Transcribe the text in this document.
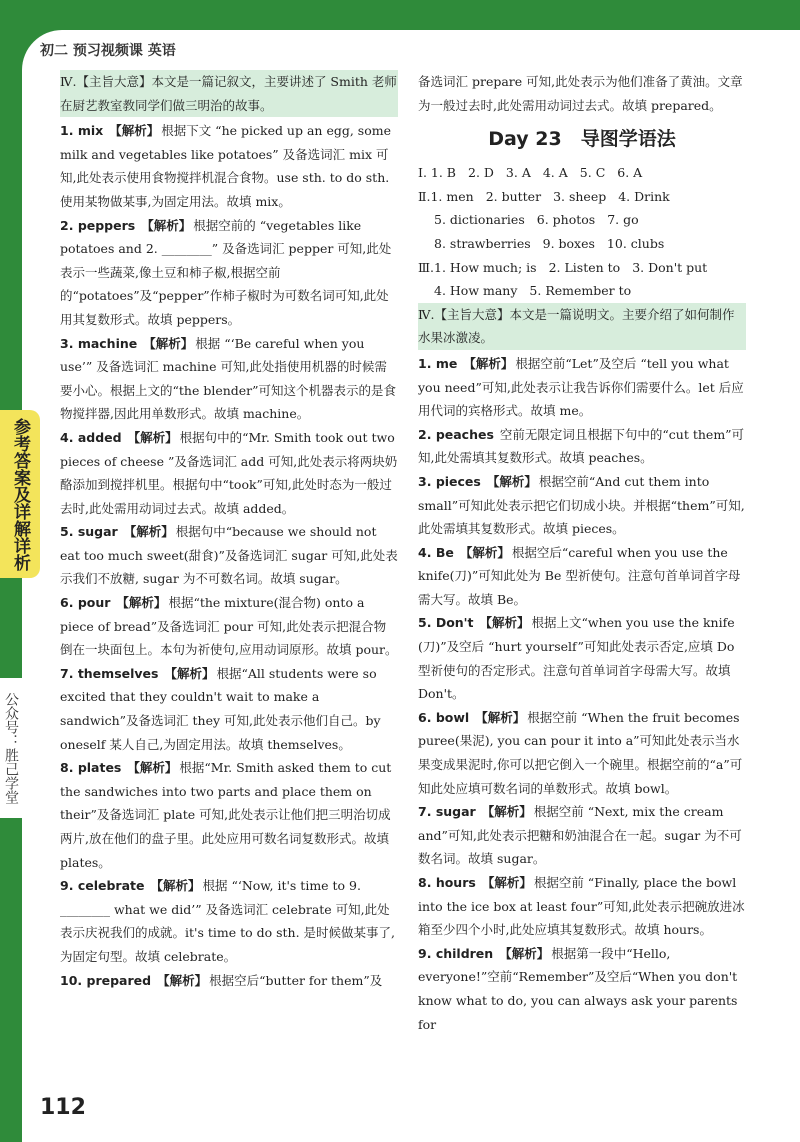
初二 预习视频课 英语
参考答案及详解详析
公众号：胜己学堂
Ⅳ.【主旨大意】本文是一篇记叙文，主要讲述了 Smith 老师在厨艺教室教同学们做三明治的故事。
1. mix 【解析】 根据下文 “he picked up an egg, some milk and vegetables like potatoes” 及备选词汇 mix 可知,此处表示使用食物搅拌机混合食物。use sth. to do sth.使用某物做某事,为固定用法。故填 mix。
2. peppers 【解析】 根据空前的 “vegetables like potatoes and 2. ________” 及备选词汇 pepper 可知,此处表示一些蔬菜,像土豆和柿子椒,根据空前的“potatoes”及“pepper”作柿子椒时为可数名词可知,此处用其复数形式。故填 peppers。
3. machine 【解析】 根据 “‘Be careful when you use’” 及备选词汇 machine 可知,此处指使用机器的时候需要小心。根据上文的“the blender”可知这个机器表示的是食物搅拌器,因此用单数形式。故填 machine。
4. added 【解析】 根据句中的“Mr. Smith took out two pieces of cheese ”及备选词汇 add 可知,此处表示将两块奶酪添加到搅拌机里。根据句中“took”可知,此处时态为一般过去时,此处需用动词过去式。故填 added。
5. sugar 【解析】 根据句中“because we should not eat too much sweet(甜食)”及备选词汇 sugar 可知,此处表示我们不放糖, sugar 为不可数名词。故填 sugar。
6. pour 【解析】 根据“the mixture(混合物) onto a piece of bread”及备选词汇 pour 可知,此处表示把混合物倒在一块面包上。本句为祈使句,应用动词原形。故填 pour。
7. themselves 【解析】 根据“All students were so excited that they couldn't wait to make a sandwich”及备选词汇 they 可知,此处表示他们自己。by oneself 某人自己,为固定用法。故填 themselves。
8. plates 【解析】 根据“Mr. Smith asked them to cut the sandwiches into two parts and place them on their”及备选词汇 plate 可知,此处表示让他们把三明治切成两片,放在他们的盘子里。此处应用可数名词复数形式。故填 plates。
9. celebrate 【解析】 根据 “‘Now, it's time to 9. ________ what we did’” 及备选词汇 celebrate 可知,此处表示庆祝我们的成就。it's time to do sth. 是时候做某事了,为固定句型。故填 celebrate。
10. prepared 【解析】 根据空后“butter for them”及
备选词汇 prepare 可知,此处表示为他们准备了黄油。文章为一般过去时,此处需用动词过去式。故填 prepared。
Day 23　导图学语法
Ⅰ. 1. B 2. D 3. A 4. A 5. C 6. A
Ⅱ.1. men 2. butter 3. sheep 4. Drink
5. dictionaries 6. photos 7. go
8. strawberries 9. boxes 10. clubs
Ⅲ.1. How much; is 2. Listen to 3. Don't put
4. How many 5. Remember to
Ⅳ.【主旨大意】本文是一篇说明文。主要介绍了如何制作水果冰激凌。
1. me 【解析】 根据空前“Let”及空后 “tell you what you need”可知,此处表示让我告诉你们需要什么。let 后应用代词的宾格形式。故填 me。
2. peaches 空前无限定词且根据下句中的“cut them”可知,此处需填其复数形式。故填 peaches。
3. pieces 【解析】 根据空前“And cut them into small”可知此处表示把它们切成小块。并根据“them”可知,此处需填其复数形式。故填 pieces。
4. Be 【解析】 根据空后“careful when you use the knife(刀)”可知此处为 Be 型祈使句。注意句首单词首字母需大写。故填 Be。
5. Don't 【解析】 根据上文“when you use the knife (刀)”及空后 “hurt yourself”可知此处表示否定,应填 Do 型祈使句的否定形式。注意句首单词首字母需大写。故填 Don't。
6. bowl 【解析】 根据空前 “When the fruit becomes puree(果泥), you can pour it into a”可知此处表示当水果变成果泥时,你可以把它倒入一个碗里。根据空前的“a”可知此处应填可数名词的单数形式。故填 bowl。
7. sugar 【解析】 根据空前 “Next, mix the cream and”可知,此处表示把糖和奶油混合在一起。sugar 为不可数名词。故填 sugar。
8. hours 【解析】 根据空前 “Finally, place the bowl into the ice box at least four”可知,此处表示把碗放进冰箱至少四个小时,此处应填其复数形式。故填 hours。
9. children 【解析】 根据第一段中“Hello, everyone!”空前“Remember”及空后“When you don't know what to do, you can always ask your parents for
112
